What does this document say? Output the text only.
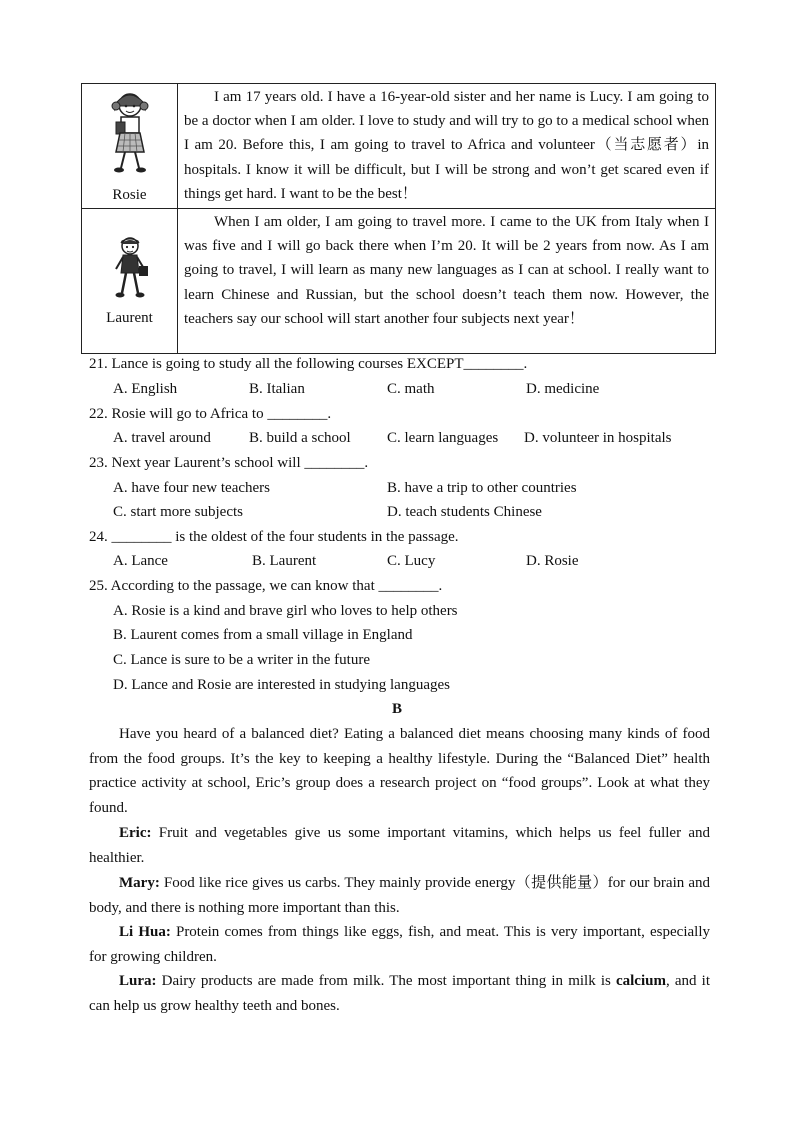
Rosie	I am 17 years old. I have a 16-year-old sister and her name is Lucy. I am going to be a doctor when I am older. I love to study and will try to go to a medical school when I am 20. Before this, I am going to travel to Africa and volunteer（当志愿者）in hospitals. I know it will be difficult, but I will be strong and won’t get scared even if things get hard. I want to be the best！

Laurent	When I am older, I am going to travel more. I came to the UK from Italy when I was five and I will go back there when I’m 20. It will be 2 years from now. As I am going to travel, I will learn as many new languages as I can at school. I really want to learn Chinese and Russian, but the school doesn’t teach them now. However, the teachers say our school will start another four subjects next year！

21. Lance is going to study all the following courses EXCEPT________.
A. English	B. Italian	C. math	D. medicine
22. Rosie will go to Africa to ________.
A. travel around	B. build a school C. learn languages D. volunteer in hospitals
23. Next year Laurent’s school will ________.
A. have four new teachers	B. have a trip to other countries
C. start more subjects	D. teach students Chinese
24. ________ is the oldest of the four students in the passage.
A. Lance	B. Laurent	C. Lucy	D. Rosie
25. According to the passage, we can know that ________.
A. Rosie is a kind and brave girl who loves to help others
B. Laurent comes from a small village in England
C. Lance is sure to be a writer in the future
D. Lance and Rosie are interested in studying languages
B

Have you heard of a balanced diet? Eating a balanced diet means choosing many kinds of food from the food groups. It’s the key to keeping a healthy lifestyle. During the “Balanced Diet” health practice activity at school, Eric’s group does a research project on “food groups”. Look at what they found.

Eric: Fruit and vegetables give us some important vitamins, which helps us feel fuller and healthier.

Mary: Food like rice gives us carbs. They mainly provide energy（提供能量）for our brain and body, and there is nothing more important than this.

Li Hua: Protein comes from things like eggs, fish, and meat. This is very important, especially for growing children.

Lura: Dairy products are made from milk. The most important thing in milk is calcium, and it can help us grow healthy teeth and bones.
